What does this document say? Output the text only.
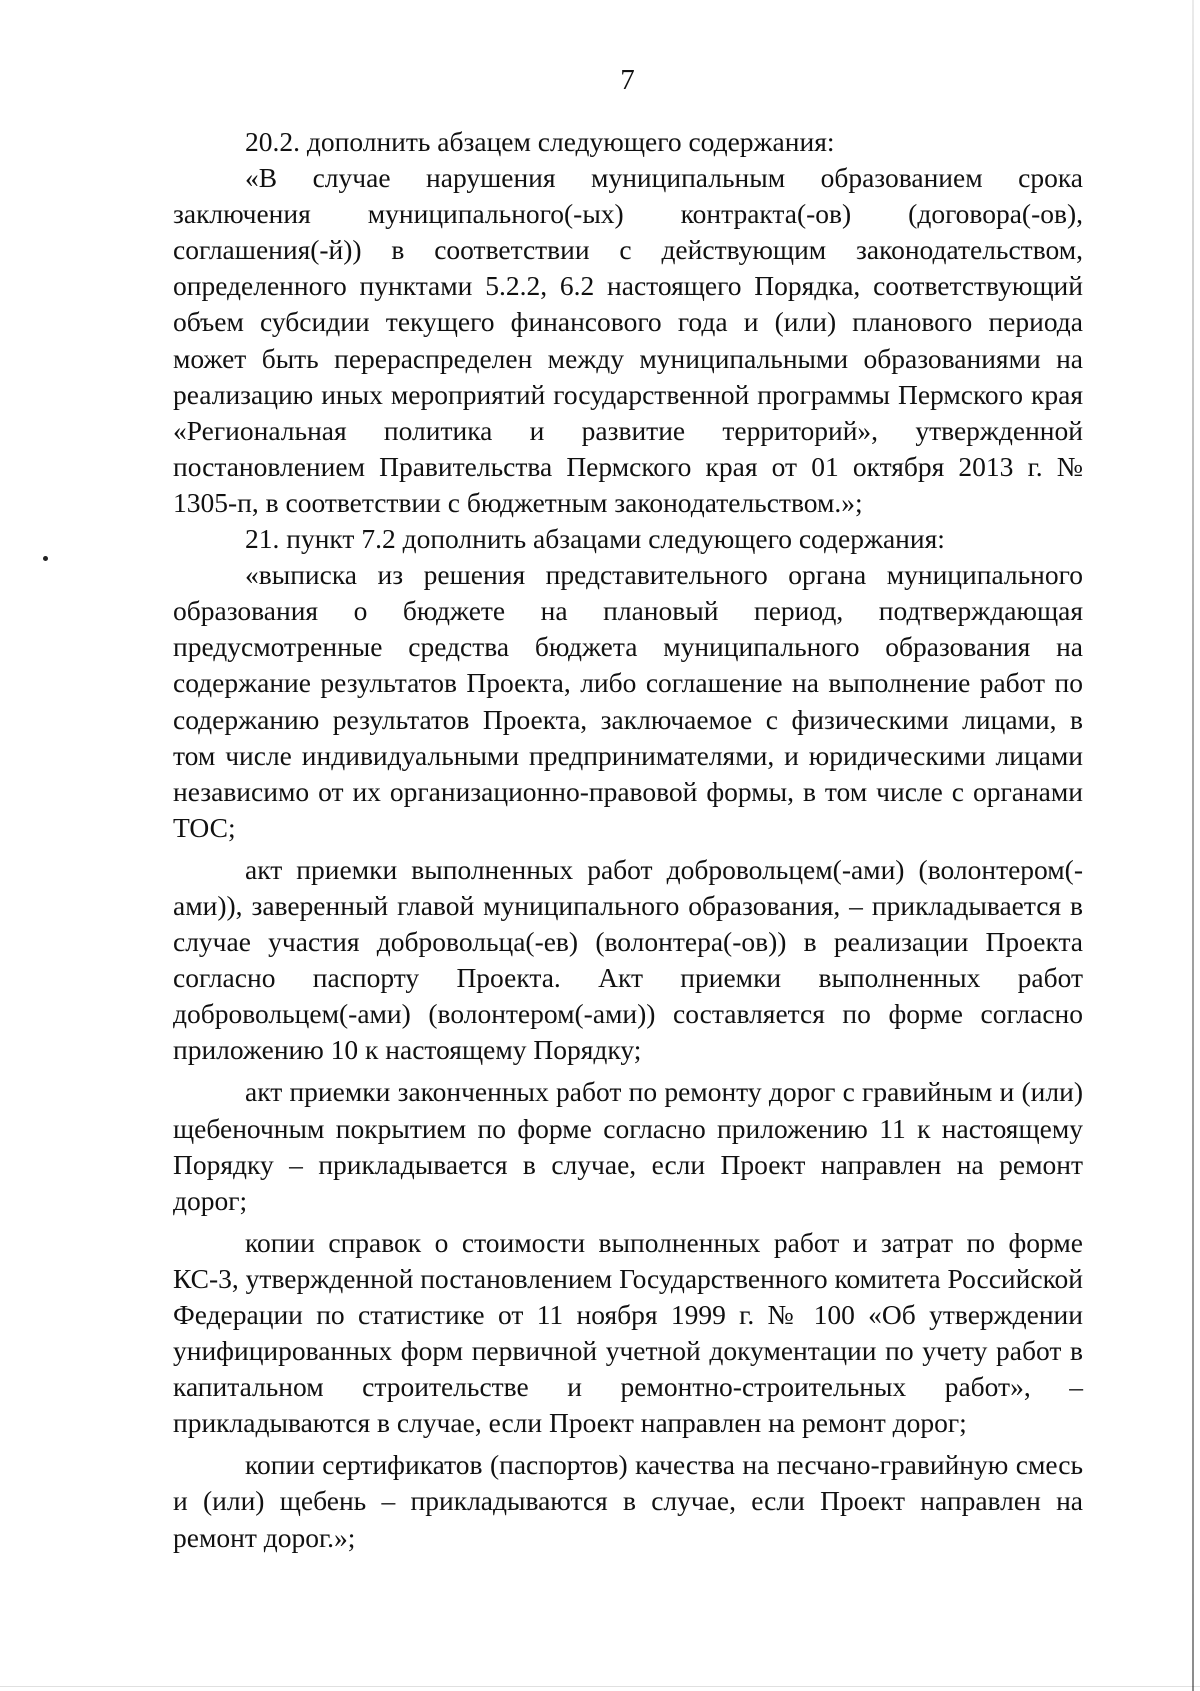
7

20.2. дополнить абзацем следующего содержания:

«В случае нарушения муниципальным образованием срока заключения муниципального(-ых) контракта(-ов) (договора(-ов), соглашения(-й)) в соответствии с действующим законодательством, определенного пунктами 5.2.2, 6.2 настоящего Порядка, соответствующий объем субсидии текущего финансового года и (или) планового периода может быть перераспределен между муниципальными образованиями на реализацию иных мероприятий государственной программы Пермского края «Региональная политика и развитие территорий», утвержденной постановлением Правительства Пермского края от 01 октября 2013 г. № 1305-п, в соответствии с бюджетным законодательством.»;

21. пункт 7.2 дополнить абзацами следующего содержания:

«выписка из решения представительного органа муниципального образования о бюджете на плановый период, подтверждающая предусмотренные средства бюджета муниципального образования на содержание результатов Проекта, либо соглашение на выполнение работ по содержанию результатов Проекта, заключаемое с физическими лицами, в том числе индивидуальными предпринимателями, и юридическими лицами независимо от их организационно-правовой формы, в том числе с органами ТОС;

акт приемки выполненных работ добровольцем(-ами) (волонтером(-ами)), заверенный главой муниципального образования, – прикладывается в случае участия добровольца(-ев) (волонтера(-ов)) в реализации Проекта согласно паспорту Проекта. Акт приемки выполненных работ добровольцем(-ами) (волонтером(-ами)) составляется по форме согласно приложению 10 к настоящему Порядку;

акт приемки законченных работ по ремонту дорог с гравийным и (или) щебеночным покрытием по форме согласно приложению 11 к настоящему Порядку – прикладывается в случае, если Проект направлен на ремонт дорог;

копии справок о стоимости выполненных работ и затрат по форме КС-3, утвержденной постановлением Государственного комитета Российской Федерации по статистике от 11 ноября 1999 г. № 100 «Об утверждении унифицированных форм первичной учетной документации по учету работ в капитальном строительстве и ремонтно-строительных работ», – прикладываются в случае, если Проект направлен на ремонт дорог;

копии сертификатов (паспортов) качества на песчано-гравийную смесь и (или) щебень – прикладываются в случае, если Проект направлен на ремонт дорог.»;
